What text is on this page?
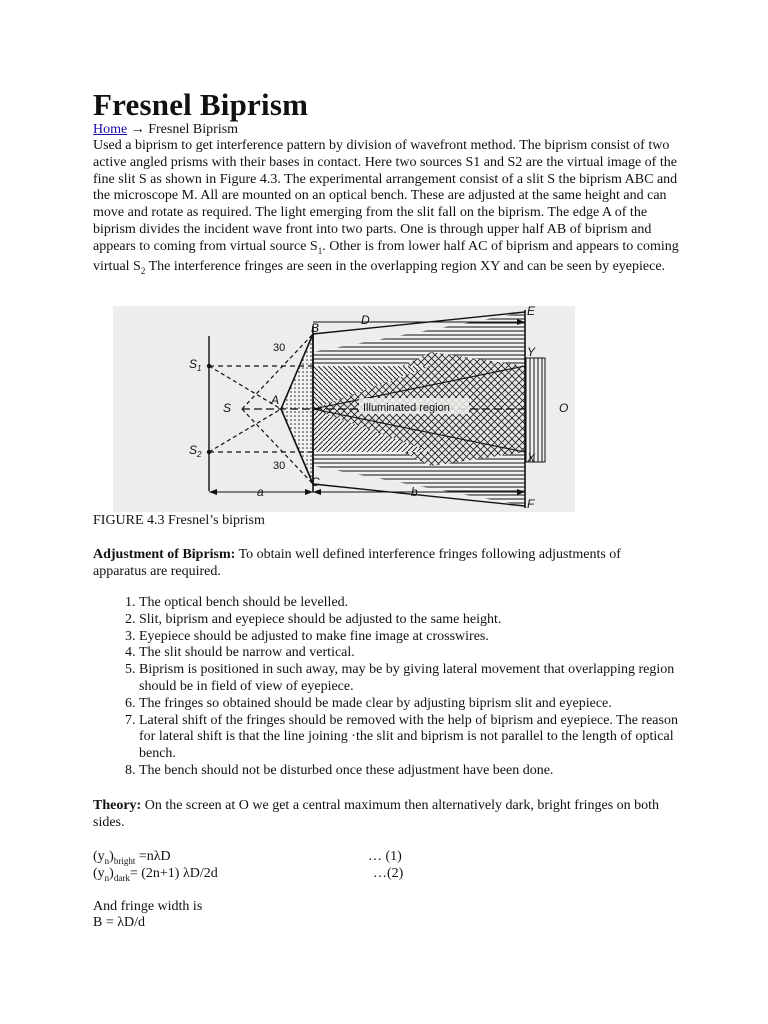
Fresnel Biprism
Home → Fresnel Biprism

Used a biprism to get interference pattern by division of wavefront method. The biprism consist of two active angled prisms with their bases in contact. Here two sources S1 and S2 are the virtual image of the fine slit S as shown in Figure 4.3. The experimental arrangement consist of a slit S the biprism ABC and the microscope M. All are mounted on an optical bench. These are adjusted at the same height and can move and rotate as required. The light emerging from the slit fall on the biprism. The edge A of the biprism divides the incident wave front into two parts. One is through upper half AB of biprism and appears to coming from virtual source $S_1$. Other is from lower half AC of biprism and appears to coming virtual $S_2$ The interference fringes are seen in the overlapping region XY and can be seen by eyepiece.

D
E
B
Y
$S_1$
S
A
O
$S_2$	X
C
a	b
F
30
30
Illuminated region

FIGURE 4.3 Fresnel’s biprism

Adjustment of Biprism: To obtain well defined interference fringes following adjustments of apparatus are required.

1. The optical bench should be levelled.
2. Slit, biprism and eyepiece should be adjusted to the same height.
3. Eyepiece should be adjusted to make fine image at crosswires.
4. The slit should be narrow and vertical.
5. Biprism is positioned in such away, may be by giving lateral movement that overlapping region should be in field of view of eyepiece.
6. The fringes so obtained should be made clear by adjusting biprism slit and eyepiece.
7. Lateral shift of the fringes should be removed with the help of biprism and eyepiece. The reason for lateral shift is that the line joining ·the slit and biprism is not parallel to the length of optical bench.
8. The bench should not be disturbed once these adjustment have been done.

Theory: On the screen at O we get a central maximum then alternatively dark, bright fringes on both sides.

$(y_n)_{bright} =n\lambda D$	… (1)
$(y_n)_{dark}= (2n+1)$ λD/2d	…(2)

And fringe width is

B = λD/d
